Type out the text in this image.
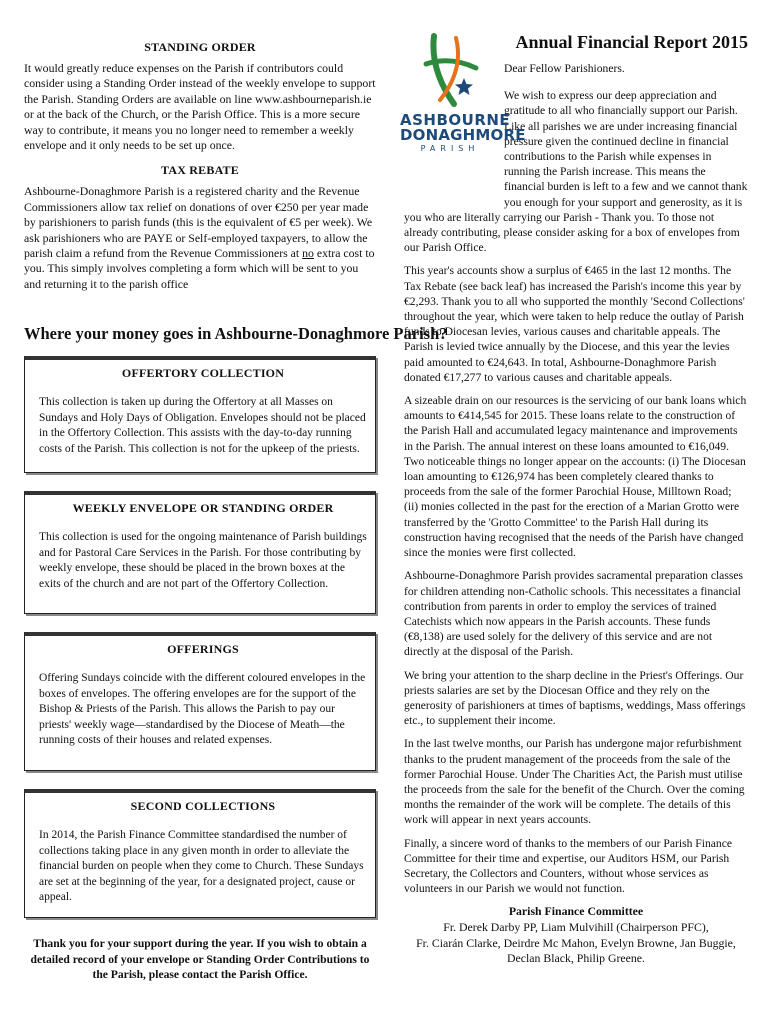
STANDING ORDER

It would greatly reduce expenses on the Parish if contributors could consider using a Standing Order instead of the weekly envelope to support the Parish. Standing Orders are available on line www.ashbourneparish.ie or at the back of the Church, or the Parish Office. This is a more secure way to contribute, it means you no longer need to remember a weekly envelope and it only needs to be set up once.

TAX REBATE

Ashbourne-Donaghmore Parish is a registered charity and the Revenue Commissioners allow tax relief on donations of over €250 per year made by parishioners to parish funds (this is the equivalent of €5 per week). We ask parishioners who are PAYE or Self-employed taxpayers, to allow the parish claim a refund from the Revenue Commissioners at no extra cost to you. This simply involves completing a form which will be sent to you and returning it to the parish office

Where your money goes in Ashbourne-Donaghmore Parish?
OFFERTORY COLLECTION

This collection is taken up during the Offertory at all Masses on Sundays and Holy Days of Obligation. Envelopes should not be placed in the Offertory Collection. This assists with the day-to-day running costs of the Parish. This collection is not for the upkeep of the priests.

WEEKLY ENVELOPE OR STANDING ORDER

This collection is used for the ongoing maintenance of Parish buildings and for Pastoral Care Services in the Parish. For those contributing by weekly envelope, these should be placed in the brown boxes at the exits of the church and are not part of the Offertory Collection.

OFFERINGS

Offering Sundays coincide with the different coloured envelopes in the boxes of envelopes. The offering envelopes are for the support of the Bishop & Priests of the Parish. This allows the Parish to pay our priests' weekly wage—standardised by the Diocese of Meath—the running costs of their houses and related expenses.

SECOND COLLECTIONS

In 2014, the Parish Finance Committee standardised the number of collections taking place in any given month in order to alleviate the financial burden on people when they come to Church. These Sundays are set at the beginning of the year, for a designated project, cause or appeal.

Thank you for your support during the year. If you wish to obtain a detailed record of your envelope or Standing Order Contributions to the Parish, please contact the Parish Office.
ASHBOURNE
DONAGHMORE
PARISH
Annual Financial Report 2015

Dear Fellow Parishioners.

We wish to express our deep appreciation and gratitude to all who financially support our Parish. Like all parishes we are under increasing financial pressure given the continued decline in financial contributions to the Parish while expenses in running the Parish increase. This means the financial burden is left to a few and we cannot thank you enough for your support and generosity, as it is you who are literally carrying our Parish - Thank you. To those not already contributing, please consider asking for a box of envelopes from our Parish Office.

This year's accounts show a surplus of €465 in the last 12 months. The Tax Rebate (see back leaf) has increased the Parish's income this year by €2,293. Thank you to all who supported the monthly 'Second Collections' throughout the year, which were taken to help reduce the outlay of Parish funds to Diocesan levies, various causes and charitable appeals. The Parish is levied twice annually by the Diocese, and this year the levies paid amounted to €24,643. In total, Ashbourne-Donaghmore Parish donated €17,277 to various causes and charitable appeals.

A sizeable drain on our resources is the servicing of our bank loans which amounts to €414,545 for 2015. These loans relate to the construction of the Parish Hall and accumulated legacy maintenance and improvements in the Parish. The annual interest on these loans amounted to €16,049. Two noticeable things no longer appear on the accounts: (i) The Diocesan loan amounting to €126,974 has been completely cleared thanks to proceeds from the sale of the former Parochial House, Milltown Road; (ii) monies collected in the past for the erection of a Marian Grotto were transferred by the 'Grotto Committee' to the Parish Hall during its construction having recognised that the needs of the Parish have changed since the monies were first collected.

Ashbourne-Donaghmore Parish provides sacramental preparation classes for children attending non-Catholic schools. This necessitates a financial contribution from parents in order to employ the services of trained Catechists which now appears in the Parish accounts. These funds (€8,138) are used solely for the delivery of this service and are not directly at the disposal of the Parish.

We bring your attention to the sharp decline in the Priest's Offerings. Our priests salaries are set by the Diocesan Office and they rely on the generosity of parishioners at times of baptisms, weddings, Mass offerings etc., to supplement their income.

In the last twelve months, our Parish has undergone major refurbishment thanks to the prudent management of the proceeds from the sale of the former Parochial House. Under The Charities Act, the Parish must utilise the proceeds from the sale for the benefit of the Church. Over the coming months the remainder of the work will be complete. The details of this work will appear in next years accounts.

Finally, a sincere word of thanks to the members of our Parish Finance Committee for their time and expertise, our Auditors HSM, our Parish Secretary, the Collectors and Counters, without whose services as volunteers in our Parish we would not function.

Parish Finance Committee
Fr. Derek Darby PP, Liam Mulvihill (Chairperson PFC),
Fr. Ciarán Clarke, Deirdre Mc Mahon, Evelyn Browne, Jan Buggie,
Declan Black, Philip Greene.
